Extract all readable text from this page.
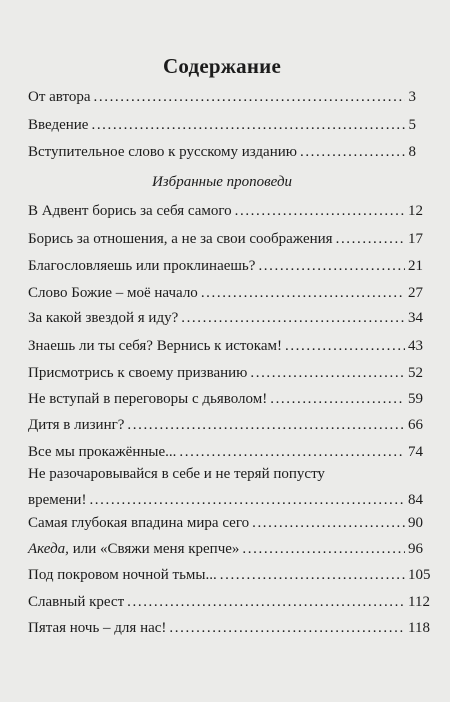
Содержание
От автора .....	3
Введение .....	5
Вступительное слово к русскому изданию .....	8
Избранные проповеди
В Адвент борись за себя самого .....	12
Борись за отношения, а не за свои соображения .....	17
Благословляешь или проклинаешь? .....	21
Слово Божие – моё начало .....	27
За какой звездой я иду? .....	34
Знаешь ли ты себя? Вернись к истокам! .....	43
Присмотрись к своему призванию .....	52
Не вступай в переговоры с дьяволом! .....	59
Дитя в лизинг? .....	66
Все мы прокажённые... .....	74
Не разочаровывайся в себе и не теряй попусту
времени! .....	84
Самая глубокая впадина мира сего .....	90
Акеда, или «Свяжи меня крепче» .....	96
Под покровом ночной тьмы... .....	105
Славный крест .....	112
Пятая ночь – для нас! .....	118
